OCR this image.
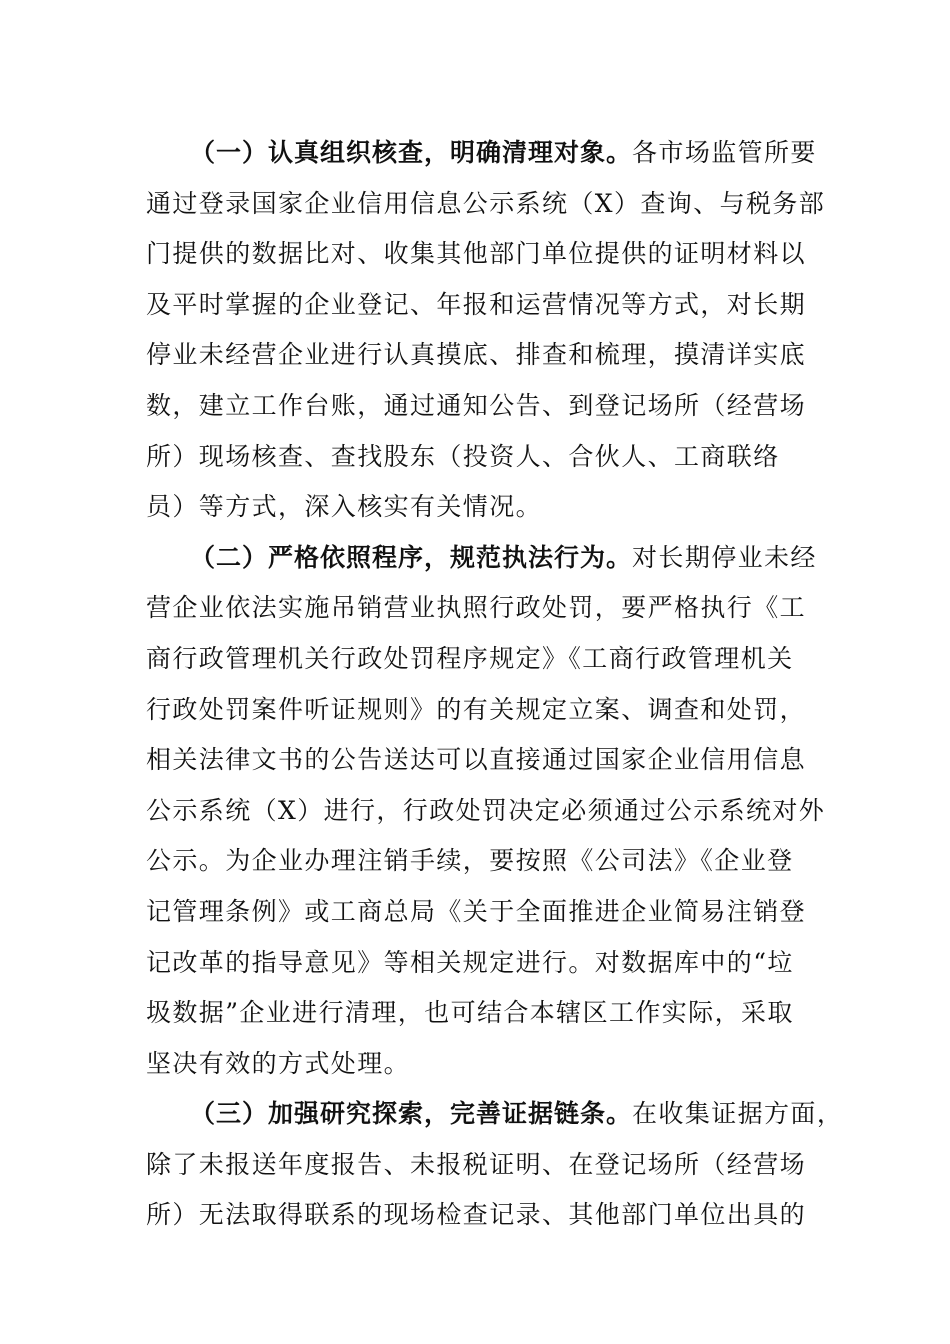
（一）认真组织核查，明确清理对象。各市场监管所要
通过登录国家企业信用信息公示系统（X）查询、与税务部
门提供的数据比对、收集其他部门单位提供的证明材料以
及平时掌握的企业登记、年报和运营情况等方式，对长期
停业未经营企业进行认真摸底、排查和梳理，摸清详实底
数，建立工作台账，通过通知公告、到登记场所（经营场
所）现场核查、查找股东（投资人、合伙人、工商联络
员）等方式，深入核实有关情况。
（二）严格依照程序，规范执法行为。对长期停业未经
营企业依法实施吊销营业执照行政处罚，要严格执行《工
商行政管理机关行政处罚程序规定》《工商行政管理机关
行政处罚案件听证规则》的有关规定立案、调查和处罚，
相关法律文书的公告送达可以直接通过国家企业信用信息
公示系统（X）进行，行政处罚决定必须通过公示系统对外
公示。为企业办理注销手续，要按照《公司法》《企业登
记管理条例》或工商总局《关于全面推进企业简易注销登
记改革的指导意见》等相关规定进行。对数据库中的“垃
圾数据”企业进行清理，也可结合本辖区工作实际，采取
坚决有效的方式处理。
（三）加强研究探索，完善证据链条。在收集证据方面，
除了未报送年度报告、未报税证明、在登记场所（经营场
所）无法取得联系的现场检查记录、其他部门单位出具的
